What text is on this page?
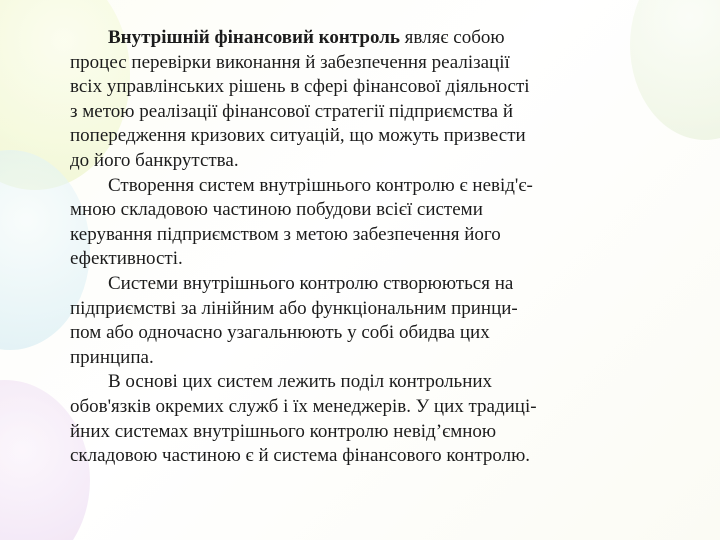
Внутрішній фінансовий контроль являє собою
процес перевірки виконання й забезпечення реалізації
всіх управлінських рішень в сфері фінансової діяльності
з метою реалізації фінансової стратегії підприємства й
попередження кризових ситуацій, що можуть призвести
до його банкрутства.
Створення систем внутрішнього контролю є невід'є-
мною складовою частиною побудови всієї системи
керування підприємством з метою забезпечення його
ефективності.
Системи внутрішнього контролю створюються на
підприємстві за лінійним або функціональним принци-
пом або одночасно узагальнюють у собі обидва цих
принципа.
В основі цих систем лежить поділ контрольних
обов'язків окремих служб і їх менеджерів. У цих традиці-
йних системах внутрішнього контролю невід’ємною
складовою частиною є й система фінансового контролю.
